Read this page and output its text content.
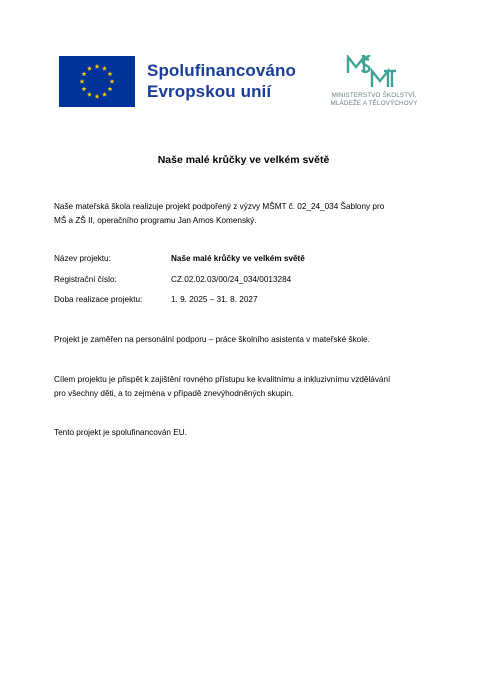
Spolufinancováno
Evropskou unií	MINISTERSTVO ŠKOLSTVÍ,
MLÁDEŽE A TĚLOVÝCHOVY
Naše malé krůčky ve velkém světě
Naše mateřská škola realizuje projekt podpořený z výzvy MŠMT č. 02_24_034 Šablony pro
MŠ a ZŠ II, operačního programu Jan Amos Komenský.
Název projektu:	Naše malé krůčky ve velkém světě
Registrační číslo:	CZ.02.02.03/00/24_034/0013284
Doba realizace projektu:	1. 9. 2025 – 31. 8. 2027
Projekt je zaměřen na personální podporu – práce školního asistenta v mateřské škole.
Cílem projektu je přispět k zajištění rovného přístupu ke kvalitnímu a inkluzivnímu vzdělávání
pro všechny děti, a to zejména v případě znevýhodněných skupin.
Tento projekt je spolufinancován EU.
